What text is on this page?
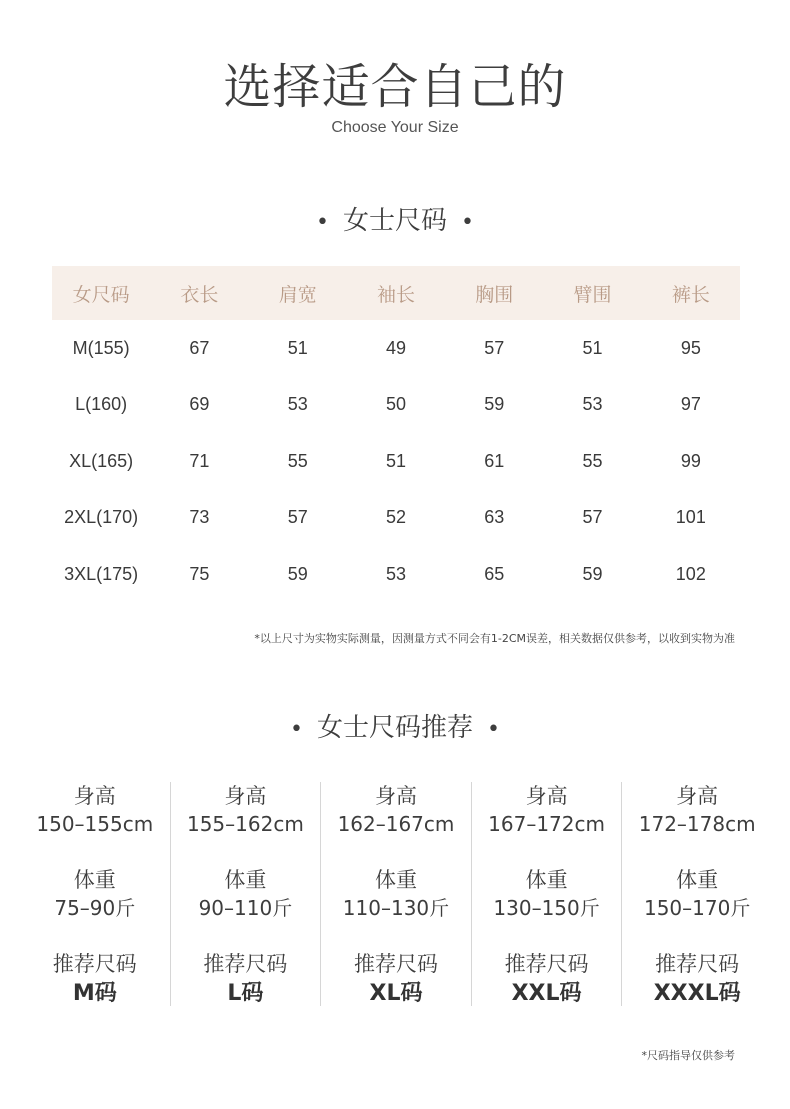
选择适合自己的
Choose Your Size
• 女士尺码 •
女尺码	衣长	肩宽	袖长	胸围	臂围	裤长
M(155)	67	51	49	57	51	95
L(160)	69	53	50	59	53	97
XL(165)	71	55	51	61	55	99
2XL(170)	73	57	52	63	57	101
3XL(175)	75	59	53	65	59	102
*以上尺寸为实物实际测量，因测量方式不同会有1-2CM误差，相关数据仅供参考，以收到实物为准
• 女士尺码推荐 •
身高
150–155cm
体重
75–90斤
推荐尺码
M码
身高
155–162cm
体重
90–110斤
推荐尺码
L码
身高
162–167cm
体重
110–130斤
推荐尺码
XL码
身高
167–172cm
体重
130–150斤
推荐尺码
XXL码
身高
172–178cm
体重
150–170斤
推荐尺码
XXXL码
*尺码指导仅供参考
